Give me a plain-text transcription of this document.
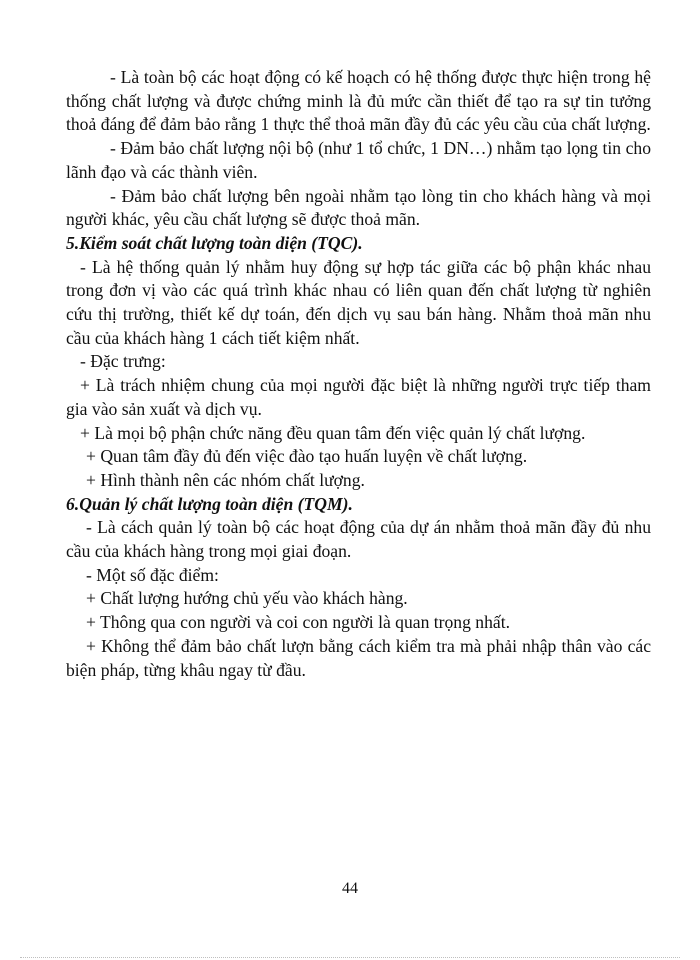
- Là toàn bộ các hoạt động có kế hoạch có hệ thống được thực hiện trong hệ thống chất lượng và được chứng minh là đủ mức cần thiết để tạo ra sự tin tưởng thoả đáng để đảm bảo rằng 1 thực thể thoả mãn đầy đủ các yêu cầu của chất lượng.

- Đảm bảo chất lượng nội bộ (như 1 tổ chức, 1 DN…) nhằm tạo lọng tin cho lãnh đạo và các thành viên.

- Đảm bảo chất lượng bên ngoài nhằm tạo lòng tin cho khách hàng và mọi người khác, yêu cầu chất lượng sẽ được thoả mãn.

5.Kiểm soát chất lượng toàn diện (TQC).

- Là hệ thống quản lý nhằm huy động sự hợp tác giữa các bộ phận khác nhau trong đơn vị vào các quá trình khác nhau có liên quan đến chất lượng từ nghiên cứu thị trường, thiết kế dự toán, đến dịch vụ sau bán hàng. Nhằm thoả mãn nhu cầu của khách hàng 1 cách tiết kiệm nhất.

- Đặc trưng:

+ Là trách nhiệm chung của mọi người đặc biệt là những người trực tiếp tham gia vào sản xuất và dịch vụ.

+ Là mọi bộ phận chức năng đều quan tâm đến việc quản lý chất lượng.

+ Quan tâm đầy đủ đến việc đào tạo huấn luyện về chất lượng.

+ Hình thành nên các nhóm chất lượng.

6.Quản lý chất lượng toàn diện (TQM).

- Là cách quản lý toàn bộ các hoạt động của dự án nhằm thoả mãn đầy đủ nhu cầu của khách hàng trong mọi giai đoạn.

- Một số đặc điểm:

+ Chất lượng hướng chủ yếu vào khách hàng.

+ Thông qua con người và coi con người là quan trọng nhất.

+ Không thể đảm bảo chất lượn bằng cách kiểm tra mà phải nhập thân vào các biện pháp, từng khâu ngay từ đầu.

44
